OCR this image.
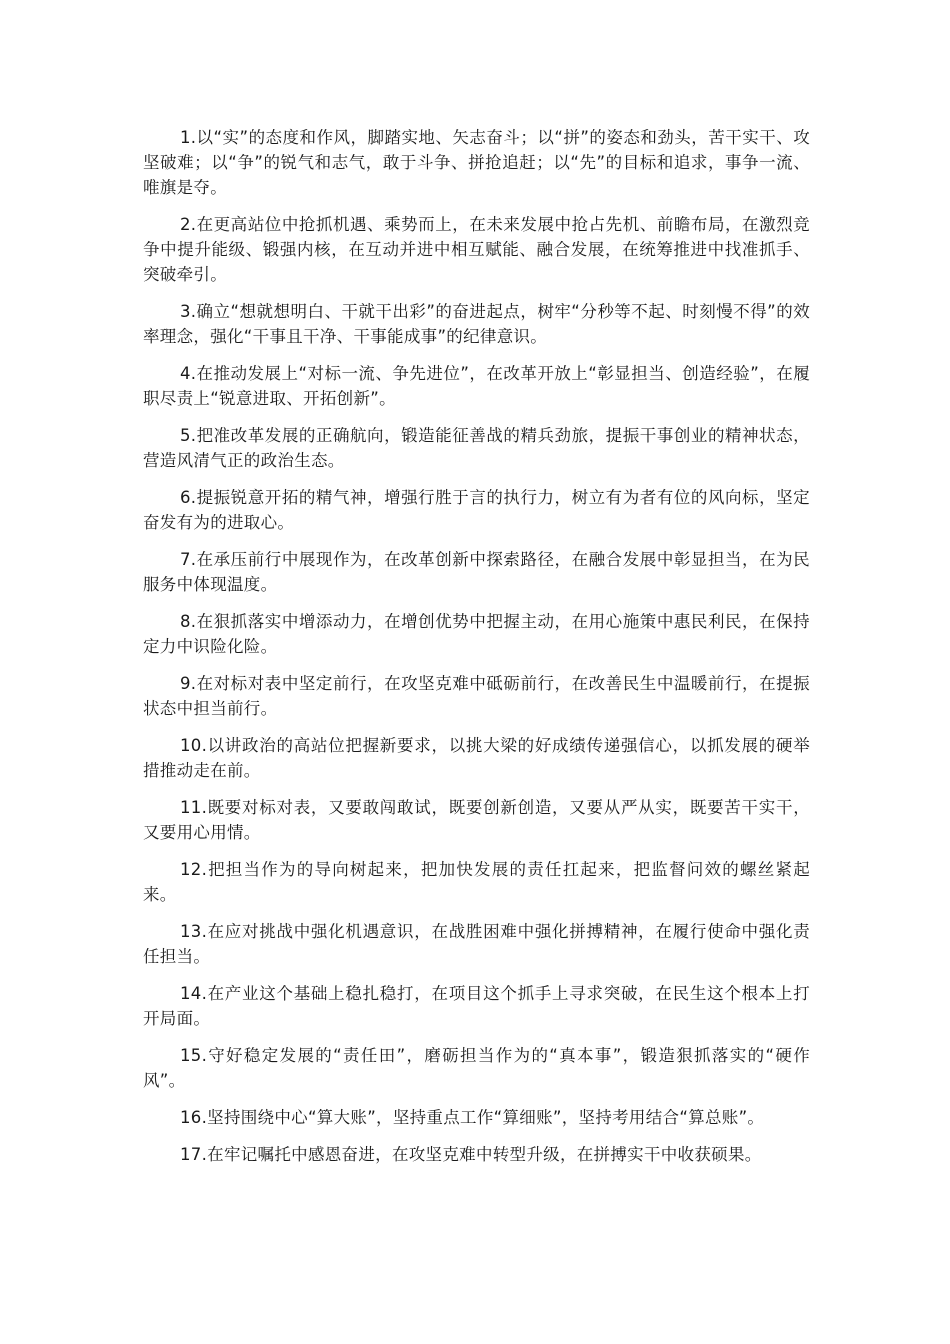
1.以“实”的态度和作风，脚踏实地、矢志奋斗；以“拼”的姿态和劲头，苦干实干、攻坚破难；以“争”的锐气和志气，敢于斗争、拼抢追赶；以“先”的目标和追求，事争一流、唯旗是夺。

2.在更高站位中抢抓机遇、乘势而上，在未来发展中抢占先机、前瞻布局，在激烈竞争中提升能级、锻强内核，在互动并进中相互赋能、融合发展，在统筹推进中找准抓手、突破牵引。

3.确立“想就想明白、干就干出彩”的奋进起点，树牢“分秒等不起、时刻慢不得”的效率理念，强化“干事且干净、干事能成事”的纪律意识。

4.在推动发展上“对标一流、争先进位”，在改革开放上“彰显担当、创造经验”，在履职尽责上“锐意进取、开拓创新”。

5.把准改革发展的正确航向，锻造能征善战的精兵劲旅，提振干事创业的精神状态，营造风清气正的政治生态。

6.提振锐意开拓的精气神，增强行胜于言的执行力，树立有为者有位的风向标，坚定奋发有为的进取心。

7.在承压前行中展现作为，在改革创新中探索路径，在融合发展中彰显担当，在为民服务中体现温度。

8.在狠抓落实中增添动力，在增创优势中把握主动，在用心施策中惠民利民，在保持定力中识险化险。

9.在对标对表中坚定前行，在攻坚克难中砥砺前行，在改善民生中温暖前行，在提振状态中担当前行。

10.以讲政治的高站位把握新要求，以挑大梁的好成绩传递强信心，以抓发展的硬举措推动走在前。

11.既要对标对表，又要敢闯敢试，既要创新创造，又要从严从实，既要苦干实干，又要用心用情。

12.把担当作为的导向树起来，把加快发展的责任扛起来，把监督问效的螺丝紧起来。

13.在应对挑战中强化机遇意识，在战胜困难中强化拼搏精神，在履行使命中强化责任担当。

14.在产业这个基础上稳扎稳打，在项目这个抓手上寻求突破，在民生这个根本上打开局面。

15.守好稳定发展的“责任田”，磨砺担当作为的“真本事”，锻造狠抓落实的“硬作风”。

16.坚持围绕中心“算大账”，坚持重点工作“算细账”，坚持考用结合“算总账”。

17.在牢记嘱托中感恩奋进，在攻坚克难中转型升级，在拼搏实干中收获硕果。
